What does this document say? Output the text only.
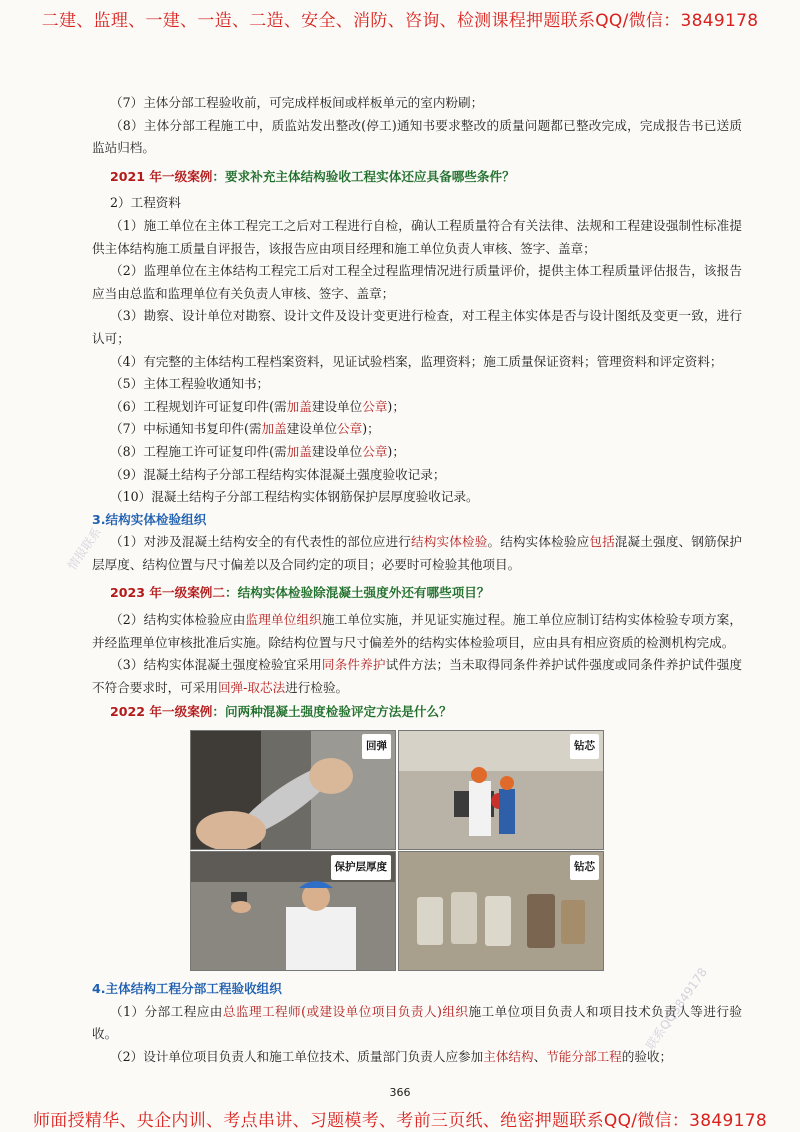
二建、监理、一建、一造、二造、安全、消防、咨询、检测课程押题联系QQ/微信：3849178

（7）主体分部工程验收前，可完成样板间或样板单元的室内粉刷；

（8）主体分部工程施工中，质监站发出整改(停工)通知书要求整改的质量问题都已整改完成，完成报告书已送质监站归档。

2021 年一级案例：要求补充主体结构验收工程实体还应具备哪些条件？

2）工程资料

（1）施工单位在主体工程完工之后对工程进行自检，确认工程质量符合有关法律、法规和工程建设强制性标准提供主体结构施工质量自评报告，该报告应由项目经理和施工单位负责人审核、签字、盖章；

（2）监理单位在主体结构工程完工后对工程全过程监理情况进行质量评价，提供主体工程质量评估报告，该报告应当由总监和监理单位有关负责人审核、签字、盖章；

（3）勘察、设计单位对勘察、设计文件及设计变更进行检查，对工程主体实体是否与设计图纸及变更一致，进行认可；

（4）有完整的主体结构工程档案资料，见证试验档案，监理资料；施工质量保证资料；管理资料和评定资料；

（5）主体工程验收通知书；

（6）工程规划许可证复印件(需加盖建设单位公章)；

（7）中标通知书复印件(需加盖建设单位公章)；

（8）工程施工许可证复印件(需加盖建设单位公章)；

（9）混凝土结构子分部工程结构实体混凝土强度验收记录；

（10）混凝土结构子分部工程结构实体钢筋保护层厚度验收记录。

3.结构实体检验组织

（1）对涉及混凝土结构安全的有代表性的部位应进行结构实体检验。结构实体检验应包括混凝土强度、钢筋保护层厚度、结构位置与尺寸偏差以及合同约定的项目；必要时可检验其他项目。

2023 年一级案例二：结构实体检验除混凝土强度外还有哪些项目？

（2）结构实体检验应由监理单位组织施工单位实施，并见证实施过程。施工单位应制订结构实体检验专项方案，并经监理单位审核批准后实施。除结构位置与尺寸偏差外的结构实体检验项目，应由具有相应资质的检测机构完成。

（3）结构实体混凝土强度检验宜采用同条件养护试件方法；当未取得同条件养护试件强度或同条件养护试件强度不符合要求时，可采用回弹-取芯法进行检验。

2022 年一级案例：问两种混凝土强度检验评定方法是什么？

回弹	钻芯
保护层厚度	钻芯

4.主体结构工程分部工程验收组织

（1）分部工程应由总监理工程师(或建设单位项目负责人)组织施工单位项目负责人和项目技术负责人等进行验收。

（2）设计单位项目负责人和施工单位技术、质量部门负责人应参加主体结构、节能分部工程的验收；

情报联系
联系QQ3849178
366
师面授精华、央企内训、考点串讲、习题模考、考前三页纸、绝密押题联系QQ/微信：3849178
